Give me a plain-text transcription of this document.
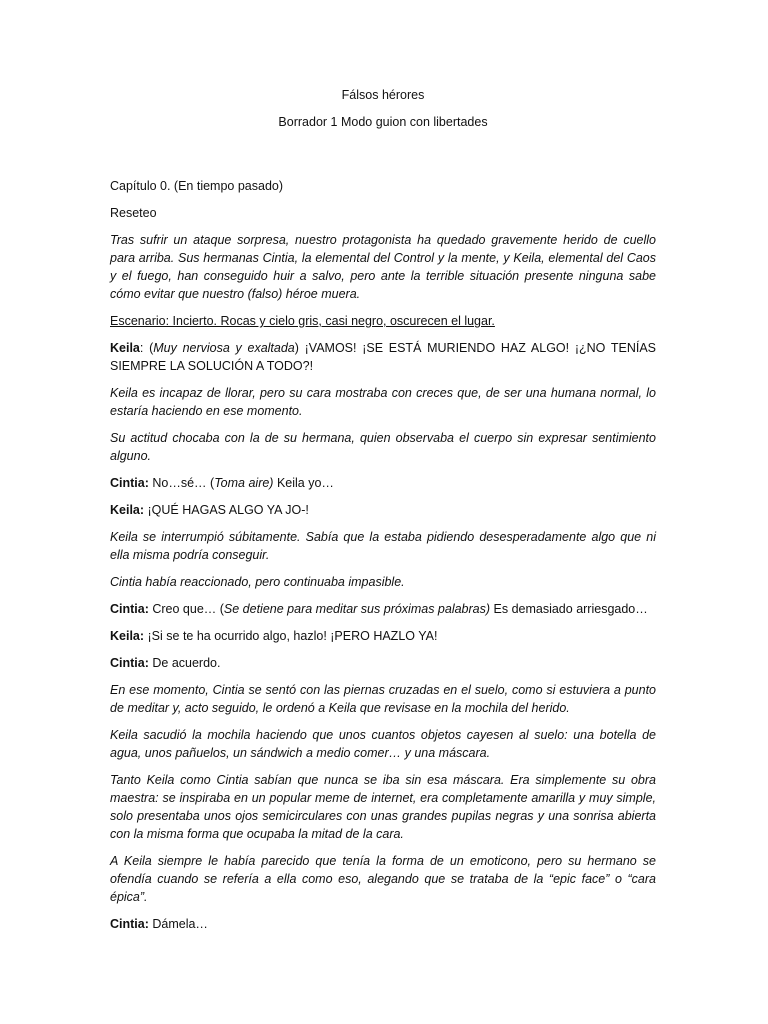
Fálsos hérores

Borrador 1 Modo guion con libertades

Capítulo 0. (En tiempo pasado)

Reseteo

Tras sufrir un ataque sorpresa, nuestro protagonista ha quedado gravemente herido de cuello para arriba. Sus hermanas Cintia, la elemental del Control y la mente, y Keila, elemental del Caos y el fuego, han conseguido huir a salvo, pero ante la terrible situación presente ninguna sabe cómo evitar que nuestro (falso) héroe muera.

Escenario: Incierto. Rocas y cielo gris, casi negro, oscurecen el lugar.

Keila: (Muy nerviosa y exaltada) ¡VAMOS! ¡SE ESTÁ MURIENDO HAZ ALGO! ¡¿NO TENÍAS SIEMPRE LA SOLUCIÓN A TODO?!

Keila es incapaz de llorar, pero su cara mostraba con creces que, de ser una humana normal, lo estaría haciendo en ese momento.

Su actitud chocaba con la de su hermana, quien observaba el cuerpo sin expresar sentimiento alguno.

Cintia: No…sé… (Toma aire) Keila yo…

Keila: ¡QUÉ HAGAS ALGO YA JO-!

Keila se interrumpió súbitamente. Sabía que la estaba pidiendo desesperadamente algo que ni ella misma podría conseguir.

Cintia había reaccionado, pero continuaba impasible.

Cintia: Creo que… (Se detiene para meditar sus próximas palabras) Es demasiado arriesgado…

Keila: ¡Si se te ha ocurrido algo, hazlo! ¡PERO HAZLO YA!

Cintia: De acuerdo.

En ese momento, Cintia se sentó con las piernas cruzadas en el suelo, como si estuviera a punto de meditar y, acto seguido, le ordenó a Keila que revisase en la mochila del herido.

Keila sacudió la mochila haciendo que unos cuantos objetos cayesen al suelo: una botella de agua, unos pañuelos, un sándwich a medio comer… y una máscara.

Tanto Keila como Cintia sabían que nunca se iba sin esa máscara. Era simplemente su obra maestra: se inspiraba en un popular meme de internet, era completamente amarilla y muy simple, solo presentaba unos ojos semicirculares con unas grandes pupilas negras y una sonrisa abierta con la misma forma que ocupaba la mitad de la cara.

A Keila siempre le había parecido que tenía la forma de un emoticono, pero su hermano se ofendía cuando se refería a ella como eso, alegando que se trataba de la “epic face” o “cara épica”.

Cintia: Dámela…
